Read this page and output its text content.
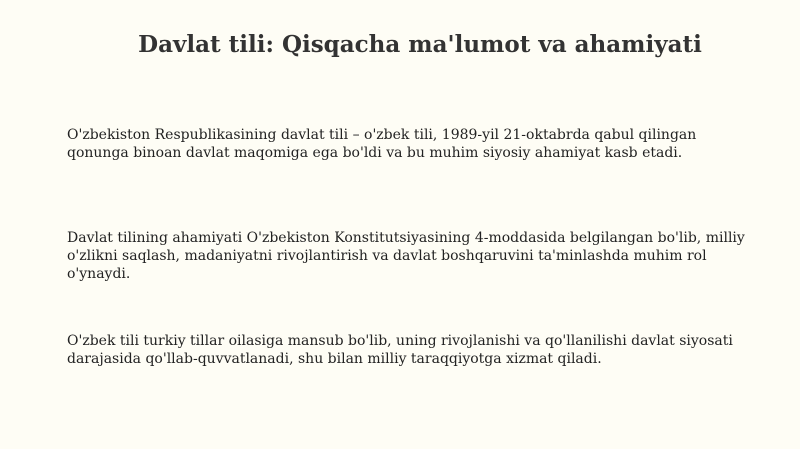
Davlat tili: Qisqacha ma'lumot va ahamiyati
O'zbekiston Respublikasining davlat tili – o'zbek tili, 1989-yil 21-oktabrda qabul qilingan qonunga binoan davlat maqomiga ega bo'ldi va bu muhim siyosiy ahamiyat kasb etadi.
Davlat tilining ahamiyati O'zbekiston Konstitutsiyasining 4-moddasida belgilangan bo'lib, milliy o'zlikni saqlash, madaniyatni rivojlantirish va davlat boshqaruvini ta'minlashda muhim rol o'ynaydi.
O'zbek tili turkiy tillar oilasiga mansub bo'lib, uning rivojlanishi va qo'llanilishi davlat siyosati darajasida qo'llab-quvvatlanadi, shu bilan milliy taraqqiyotga xizmat qiladi.
